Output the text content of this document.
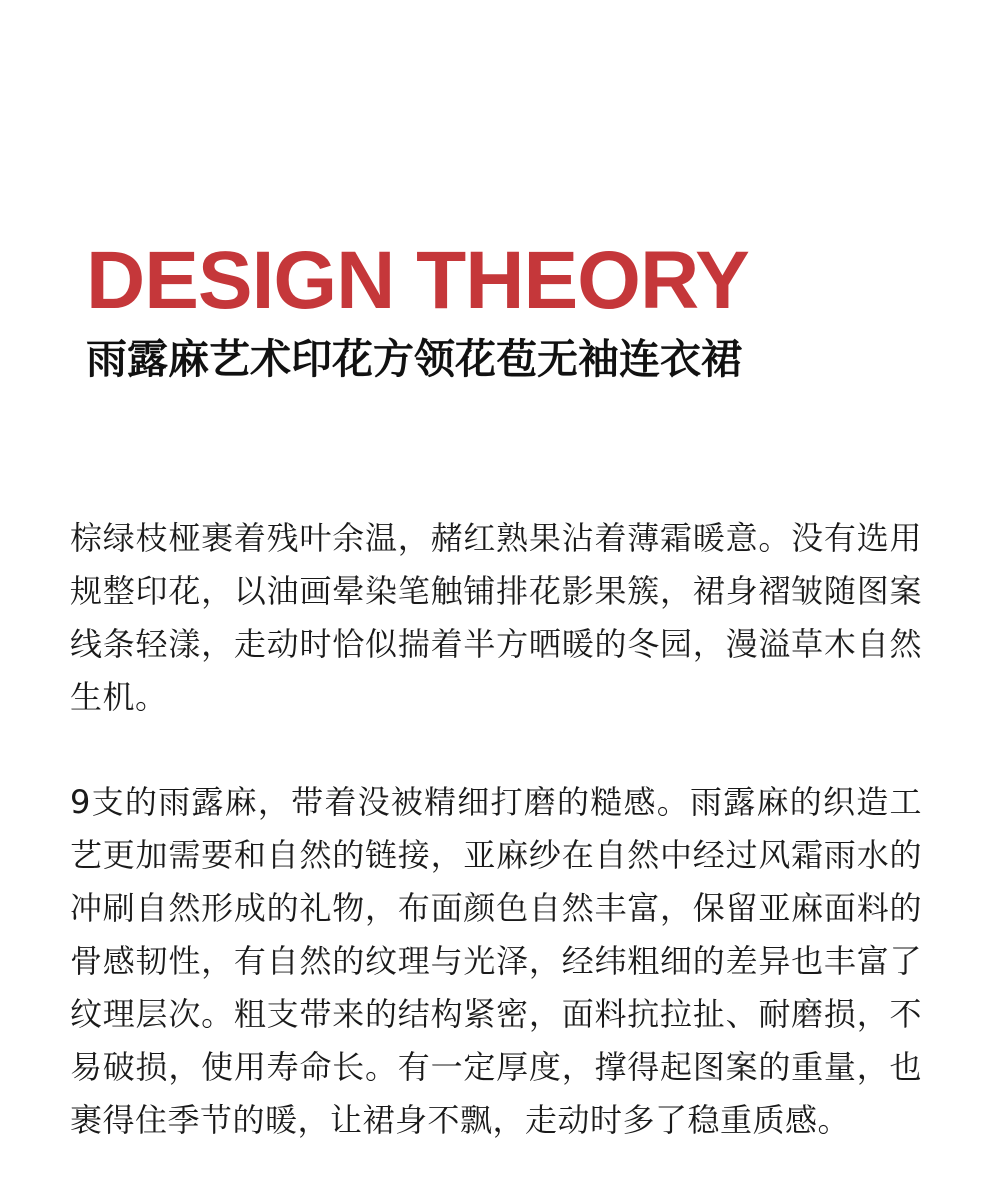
DESIGN THEORY
雨露麻艺术印花方领花苞无袖连衣裙

棕绿枝桠裹着残叶余温，赭红熟果沾着薄霜暖意。没有选用规整印花，以油画晕染笔触铺排花影果簇，裙身褶皱随图案线条轻漾，走动时恰似揣着半方晒暖的冬园，漫溢草木自然生机。

9支的雨露麻，带着没被精细打磨的糙感。雨露麻的织造工艺更加需要和自然的链接，亚麻纱在自然中经过风霜雨水的冲刷自然形成的礼物，布面颜色自然丰富，保留亚麻面料的骨感韧性，有自然的纹理与光泽，经纬粗细的差异也丰富了纹理层次。粗支带来的结构紧密，面料抗拉扯、耐磨损，不易破损，使用寿命长。有一定厚度，撑得起图案的重量，也裹得住季节的暖，让裙身不飘，走动时多了稳重质感。
